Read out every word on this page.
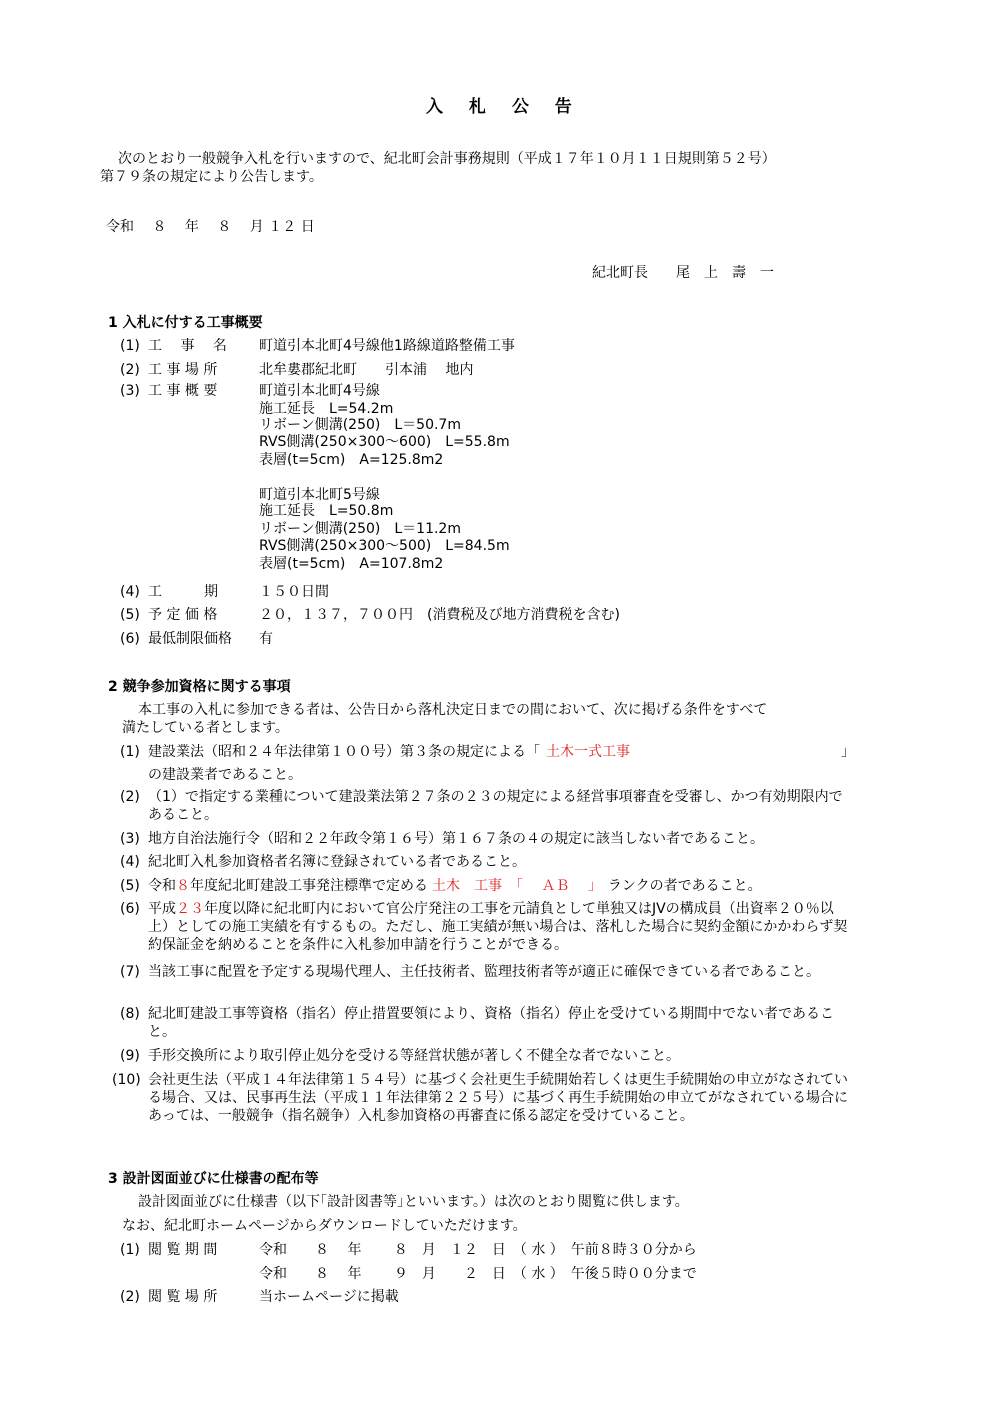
入 札 公 告
次のとおり一般競争入札を行いますので、紀北町会計事務規則（平成１７年１０月１１日規則第５２号）
第７９条の規定により公告します。
令和　 ８　 年　 ８　 月 １２ 日
紀北町長　　尾　上　壽　一
1 入札に付する工事概要
(1) 工　 事　 名 町道引本北町4号線他1路線道路整備工事
(2) 工 事 場 所	北牟婁郡紀北町　　引本浦　 地内
(3) 工 事 概 要	町道引本北町4号線
施工延長　L=54.2m
リボーン側溝(250)　L＝50.7m
RVS側溝(250×300～600)　L=55.8m
表層(t=5cm)　A=125.8m2
町道引本北町5号線
施工延長　L=50.8m
リボーン側溝(250)　L＝11.2m
RVS側溝(250×300～500)　L=84.5m
表層(t=5cm)　A=107.8m2
(4) 工　　　期	１５０日間
(5) 予 定 価 格	２０，１３７，７００円　(消費税及び地方消費税を含む)
(6) 最低制限価格 有
2 競争参加資格に関する事項
本工事の入札に参加できる者は、公告日から落札決定日までの間において、次に掲げる条件をすべて
満たしている者とします。
(1) 建設業法（昭和２４年法律第１００号）第３条の規定による「 土木一式工事	」
の建設業者であること。
(2) （1）で指定する業種について建設業法第２７条の２３の規定による経営事項審査を受審し、かつ有効期限内であること。
(3) 地方自治法施行令（昭和２２年政令第１６号）第１６７条の４の規定に該当しない者であること。
(4) 紀北町入札参加資格者名簿に登録されている者であること。
(5) 令和８年度紀北町建設工事発注標準で定める 土木　工事　「　 ＡＢ　 」 ランクの者であること。
(6) 平成２３年度以降に紀北町内において官公庁発注の工事を元請負として単独又はJVの構成員（出資率２０％以上）としての施工実績を有するもの。ただし、施工実績が無い場合は、落札した場合に契約金額にかかわらず契約保証金を納めることを条件に入札参加申請を行うことができる。
(7) 当該工事に配置を予定する現場代理人、主任技術者、監理技術者等が適正に確保できている者であること。
(8) 紀北町建設工事等資格（指名）停止措置要領により、資格（指名）停止を受けている期間中でない者であること。
(9) 手形交換所により取引停止処分を受ける等経営状態が著しく不健全な者でないこと。
(10) 会社更生法（平成１４年法律第１５４号）に基づく会社更生手続開始若しくは更生手続開始の申立がなされている場合、又は、民事再生法（平成１１年法律第２２５号）に基づく再生手続開始の申立てがなされている場合にあっては、一般競争（指名競争）入札参加資格の再審査に係る認定を受けていること。
3 設計図面並びに仕様書の配布等
設計図面並びに仕様書（以下｢設計図書等｣といいます。）は次のとおり閲覧に供します。
なお、紀北町ホームページからダウンロードしていただけます。
(1) 閲 覧 期 間	令和　　８　 年　　 ８　月　１２　日　（ 水 ）　午前８時３０分から
令和　　８　 年　　 ９　月　　２　日　（ 水 ）　午後５時００分まで
(2) 閲 覧 場 所	当ホームページに掲載
